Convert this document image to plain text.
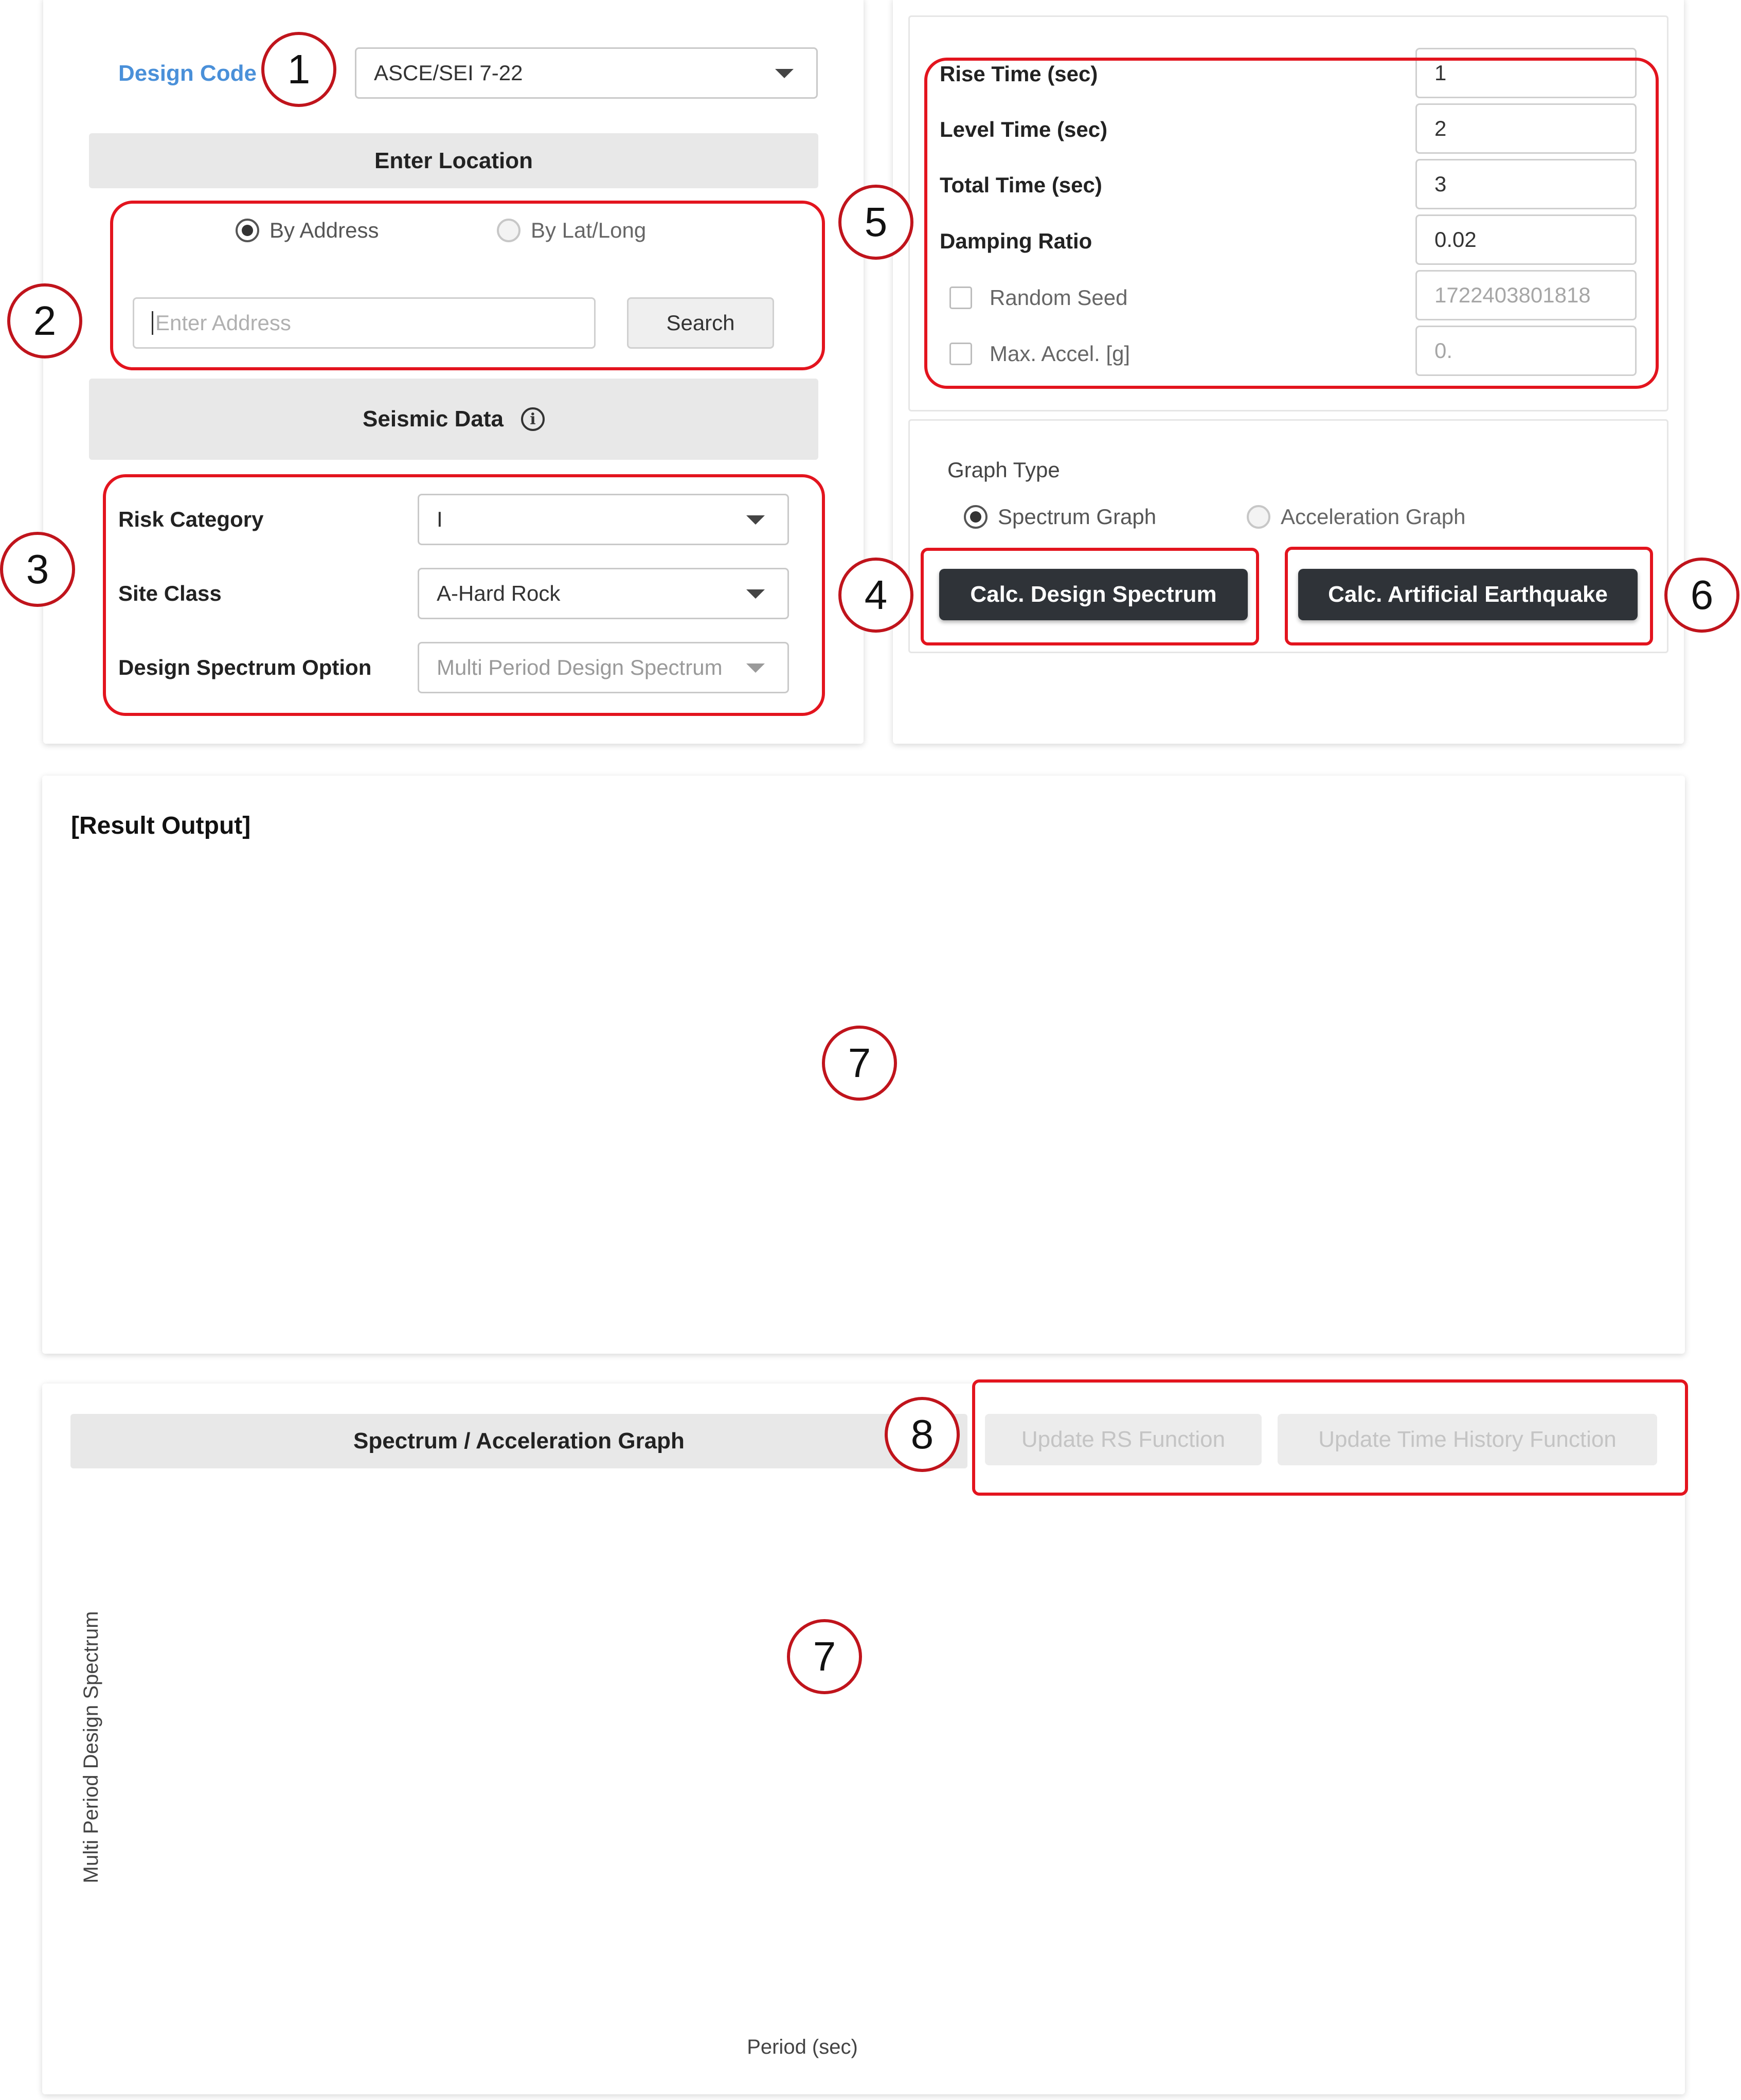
Design Code	ASCE/SEI 7-22
Enter Location
By Address	By Lat/Long
Enter Address	Search
Seismic Data	i
Risk Category	I
Site Class	A-Hard Rock
Design Spectrum Option	Multi Period Design Spectrum
Rise Time (sec)	1
Level Time (sec)	2
Total Time (sec)	3
Damping Ratio	0.02
Random Seed	1722403801818
Max. Accel. [g]	0.
Graph Type
Spectrum Graph	Acceleration Graph
Calc. Design Spectrum	Calc. Artificial Earthquake
[Result Output]
Spectrum / Acceleration Graph	Update RS Function	Update Time History Function
Multi Period Design Spectrum
Period (sec)
1
2
3
4
5
6
7
7
8
